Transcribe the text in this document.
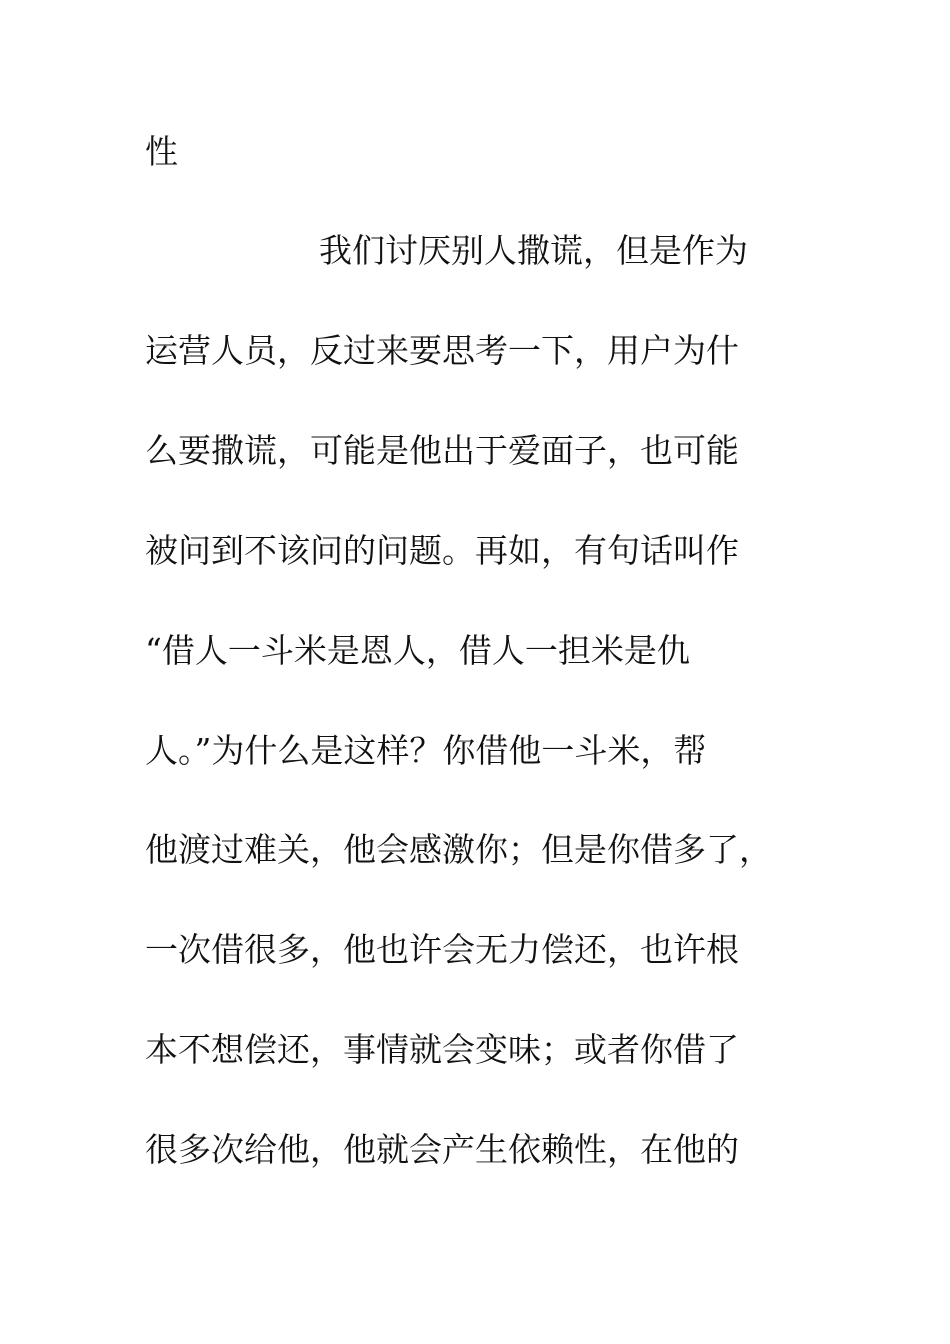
性
我们讨厌别人撒谎，但是作为
运营人员，反过来要思考一下，用户为什
么要撒谎，可能是他出于爱面子，也可能
被问到不该问的问题。再如，有句话叫作
“借人一斗米是恩人，借人一担米是仇
人。”为什么是这样？你借他一斗米，帮
他渡过难关，他会感激你；但是你借多了，
一次借很多，他也许会无力偿还，也许根
本不想偿还，事情就会变味；或者你借了
很多次给他，他就会产生依赖性，在他的
